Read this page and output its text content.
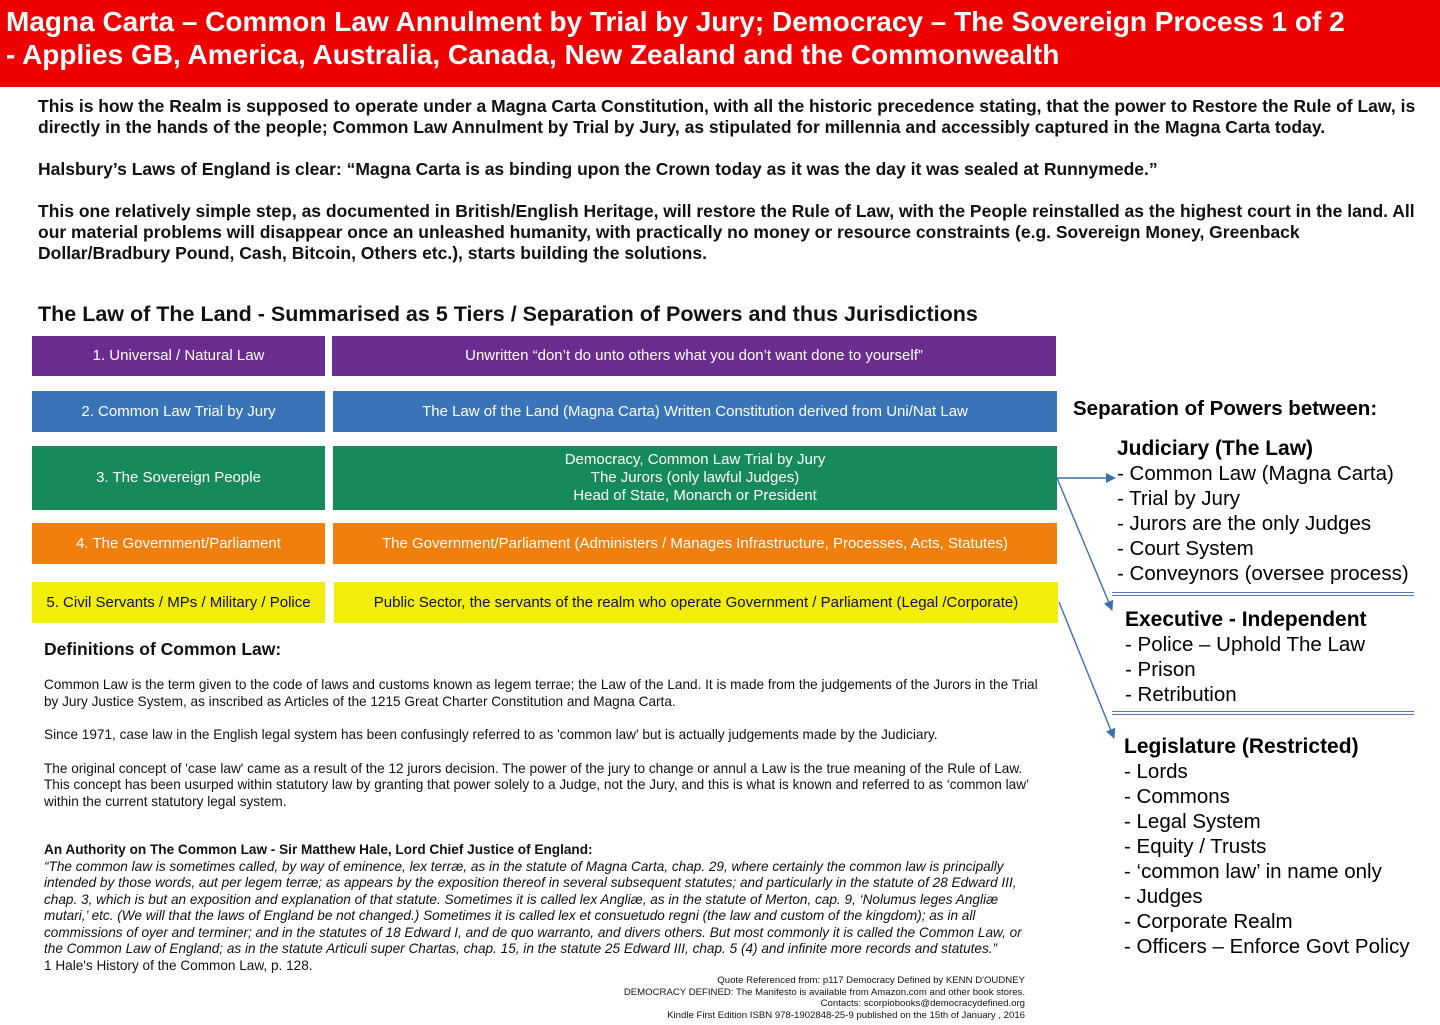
Magna Carta – Common Law Annulment by Trial by Jury; Democracy – The Sovereign Process 1 of 2
- Applies GB, America, Australia, Canada, New Zealand and the Commonwealth

This is how the Realm is supposed to operate under a Magna Carta Constitution, with all the historic precedence stating, that the power to Restore the Rule of Law, is directly in the hands of the people; Common Law Annulment by Trial by Jury, as stipulated for millennia and accessibly captured in the Magna Carta today.

Halsbury’s Laws of England is clear: “Magna Carta is as binding upon the Crown today as it was the day it was sealed at Runnymede.”

This one relatively simple step, as documented in British/English Heritage, will restore the Rule of Law, with the People reinstalled as the highest court in the land. All our material problems will disappear once an unleashed humanity, with practically no money or resource constraints (e.g. Sovereign Money, Greenback Dollar/Bradbury Pound, Cash, Bitcoin, Others etc.), starts building the solutions.

The Law of The Land - Summarised as 5 Tiers / Separation of Powers and thus Jurisdictions
1. Universal / Natural Law	Unwritten “don’t do unto others what you don’t want done to yourself”
2. Common Law Trial by Jury	The Law of the Land (Magna Carta) Written Constitution derived from Uni/Nat Law
3. The Sovereign People
Democracy, Common Law Trial by Jury
The Jurors (only lawful Judges)
Head of State, Monarch or President
4. The Government/Parliament	The Government/Parliament (Administers / Manages Infrastructure, Processes, Acts, Statutes)
5. Civil Servants / MPs / Military / Police	Public Sector, the servants of the realm who operate Government / Parliament (Legal /Corporate)
Separation of Powers between:
Judiciary (The Law)
- Common Law (Magna Carta)
- Trial by Jury
- Jurors are the only Judges
- Court System
- Conveynors (oversee process)
Executive - Independent
- Police – Uphold The Law
- Prison
- Retribution
Legislature (Restricted)
- Lords
- Commons
- Legal System
- Equity / Trusts
- ‘common law’ in name only
- Judges
- Corporate Realm
- Officers – Enforce Govt Policy
Definitions of Common Law:

Common Law is the term given to the code of laws and customs known as legem terrae; the Law of the Land. It is made from the judgements of the Jurors in the Trial by Jury Justice System, as inscribed as Articles of the 1215 Great Charter Constitution and Magna Carta.

Since 1971, case law in the English legal system has been confusingly referred to as 'common law' but is actually judgements made by the Judiciary.

The original concept of 'case law' came as a result of the 12 jurors decision. The power of the jury to change or annul a Law is the true meaning of the Rule of Law. This concept has been usurped within statutory law by granting that power solely to a Judge, not the Jury, and this is what is known and referred to as ‘common law’ within the current statutory legal system.

An Authority on The Common Law - Sir Matthew Hale, Lord Chief Justice of England:
“The common law is sometimes called, by way of eminence, lex terræ, as in the statute of Magna Carta, chap. 29, where certainly the common law is principally intended by those words, aut per legem terræ; as appears by the exposition thereof in several subsequent statutes; and particularly in the statute of 28 Edward III, chap. 3, which is but an exposition and explanation of that statute. Sometimes it is called lex Angliæ, as in the statute of Merton, cap. 9, ‘Nolumus leges Angliæ mutari,’ etc. (We will that the laws of England be not changed.) Sometimes it is called lex et consuetudo regni (the law and custom of the kingdom); as in all commissions of oyer and terminer; and in the statutes of 18 Edward I, and de quo warranto, and divers others. But most commonly it is called the Common Law, or the Common Law of England; as in the statute Articuli super Chartas, chap. 15, in the statute 25 Edward III, chap. 5 (4) and infinite more records and statutes.”
1 Hale's History of the Common Law, p. 128.
Quote Referenced from: p117 Democracy Defined by KENN D'OUDNEY
DEMOCRACY DEFINED: The Manifesto is available from Amazon.com and other book stores.
Contacts: scorpiobooks@democracydefined.org
Kindle First Edition ISBN 978-1902848-25-9 published on the 15th of January , 2016
